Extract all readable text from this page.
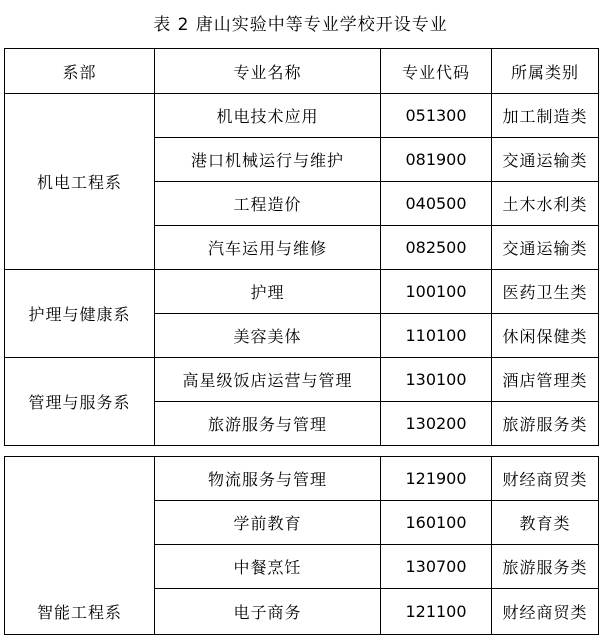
表 2 唐山实验中等专业学校开设专业
系部	专业名称	专业代码	所属类别
机电工程系	机电技术应用	051300	加工制造类
	港口机械运行与维护	081900	交通运输类
	工程造价	040500	土木水利类
	汽车运用与维修	082500	交通运输类
护理与健康系	护理	100100	医药卫生类
	美容美体	110100	休闲保健类
管理与服务系	高星级饭店运营与管理	130100	酒店管理类
	旅游服务与管理	130200	旅游服务类
	物流服务与管理	121900	财经商贸类
	学前教育	160100	教育类
	中餐烹饪	130700	旅游服务类
智能工程系	电子商务	121100	财经商贸类
